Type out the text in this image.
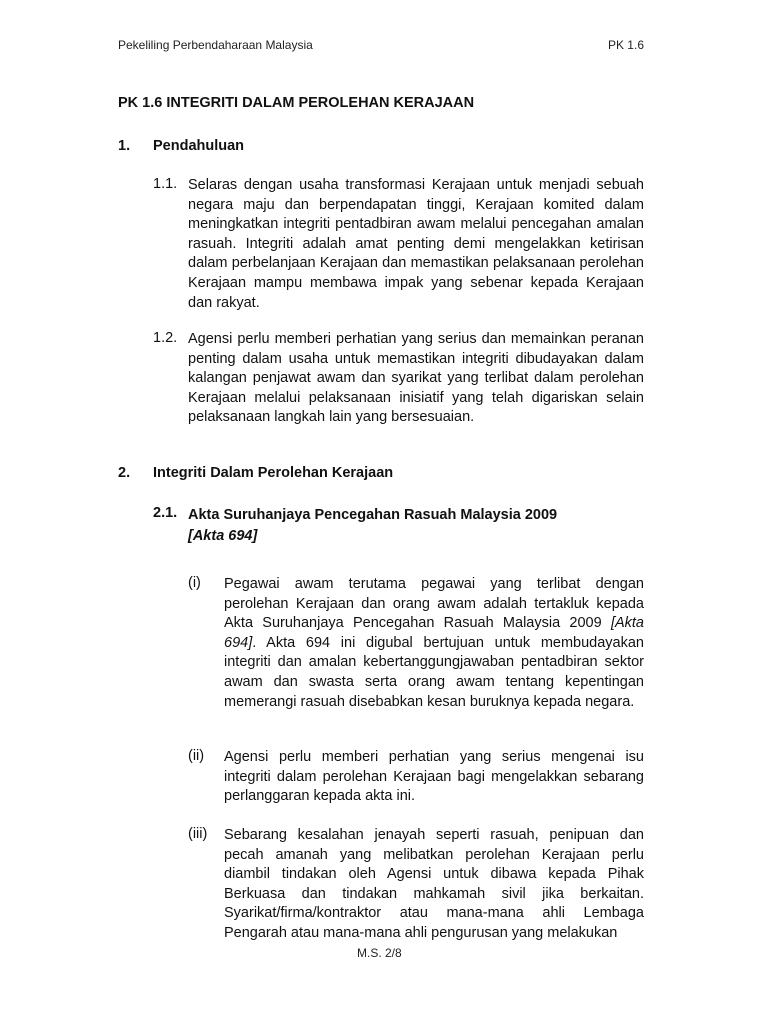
Pekeliling Perbendaharaan Malaysia	PK 1.6
PK 1.6 INTEGRITI DALAM PEROLEHAN KERAJAAN
1. Pendahuluan
1.1. Selaras dengan usaha transformasi Kerajaan untuk menjadi sebuah negara maju dan berpendapatan tinggi, Kerajaan komited dalam meningkatkan integriti pentadbiran awam melalui pencegahan amalan rasuah. Integriti adalah amat penting demi mengelakkan ketirisan dalam perbelanjaan Kerajaan dan memastikan pelaksanaan perolehan Kerajaan mampu membawa impak yang sebenar kepada Kerajaan dan rakyat.
1.2. Agensi perlu memberi perhatian yang serius dan memainkan peranan penting dalam usaha untuk memastikan integriti dibudayakan dalam kalangan penjawat awam dan syarikat yang terlibat dalam perolehan Kerajaan melalui pelaksanaan inisiatif yang telah digariskan selain pelaksanaan langkah lain yang bersesuaian.
2. Integriti Dalam Perolehan Kerajaan
2.1. Akta Suruhanjaya Pencegahan Rasuah Malaysia 2009
[Akta 694]
(i) Pegawai awam terutama pegawai yang terlibat dengan perolehan Kerajaan dan orang awam adalah tertakluk kepada Akta Suruhanjaya Pencegahan Rasuah Malaysia 2009 [Akta 694]. Akta 694 ini digubal bertujuan untuk membudayakan integriti dan amalan kebertanggungjawaban pentadbiran sektor awam dan swasta serta orang awam tentang kepentingan memerangi rasuah disebabkan kesan buruknya kepada negara.
(ii) Agensi perlu memberi perhatian yang serius mengenai isu integriti dalam perolehan Kerajaan bagi mengelakkan sebarang perlanggaran kepada akta ini.
(iii) Sebarang kesalahan jenayah seperti rasuah, penipuan dan pecah amanah yang melibatkan perolehan Kerajaan perlu diambil tindakan oleh Agensi untuk dibawa kepada Pihak Berkuasa dan tindakan mahkamah sivil jika berkaitan. Syarikat/firma/kontraktor atau mana-mana ahli Lembaga Pengarah atau mana-mana ahli pengurusan yang melakukan
M.S. 2/8
